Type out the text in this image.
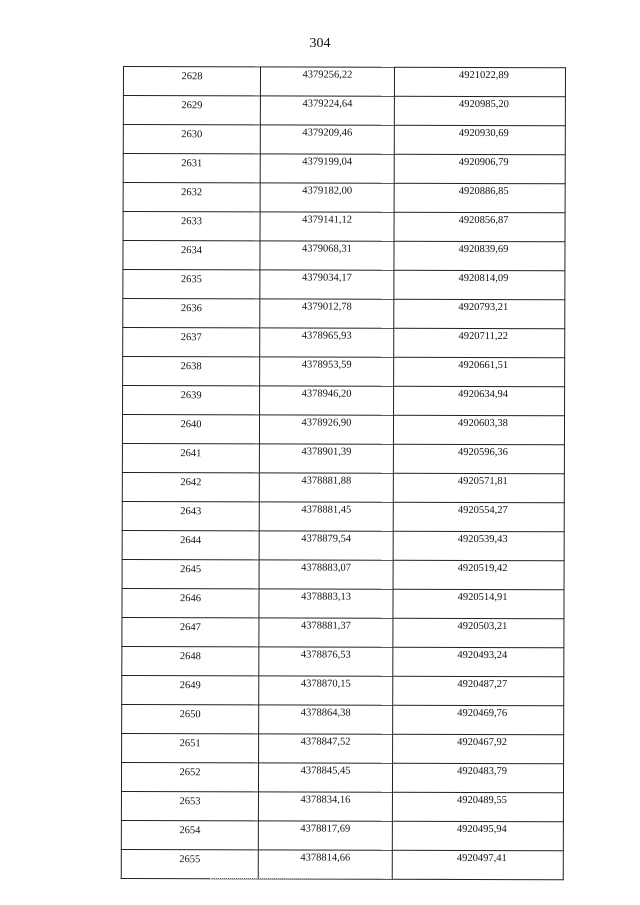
304
2628	4379256,22	4921022,89
2629	4379224,64	4920985,20
2630	4379209,46	4920930,69
2631	4379199,04	4920906,79
2632	4379182,00	4920886,85
2633	4379141,12	4920856,87
2634	4379068,31	4920839,69
2635	4379034,17	4920814,09
2636	4379012,78	4920793,21
2637	4378965,93	4920711,22
2638	4378953,59	4920661,51
2639	4378946,20	4920634,94
2640	4378926,90	4920603,38
2641	4378901,39	4920596,36
2642	4378881,88	4920571,81
2643	4378881,45	4920554,27
2644	4378879,54	4920539,43
2645	4378883,07	4920519,42
2646	4378883,13	4920514,91
2647	4378881,37	4920503,21
2648	4378876,53	4920493,24
2649	4378870,15	4920487,27
2650	4378864,38	4920469,76
2651	4378847,52	4920467,92
2652	4378845,45	4920483,79
2653	4378834,16	4920489,55
2654	4378817,69	4920495,94
2655	4378814,66	4920497,41
